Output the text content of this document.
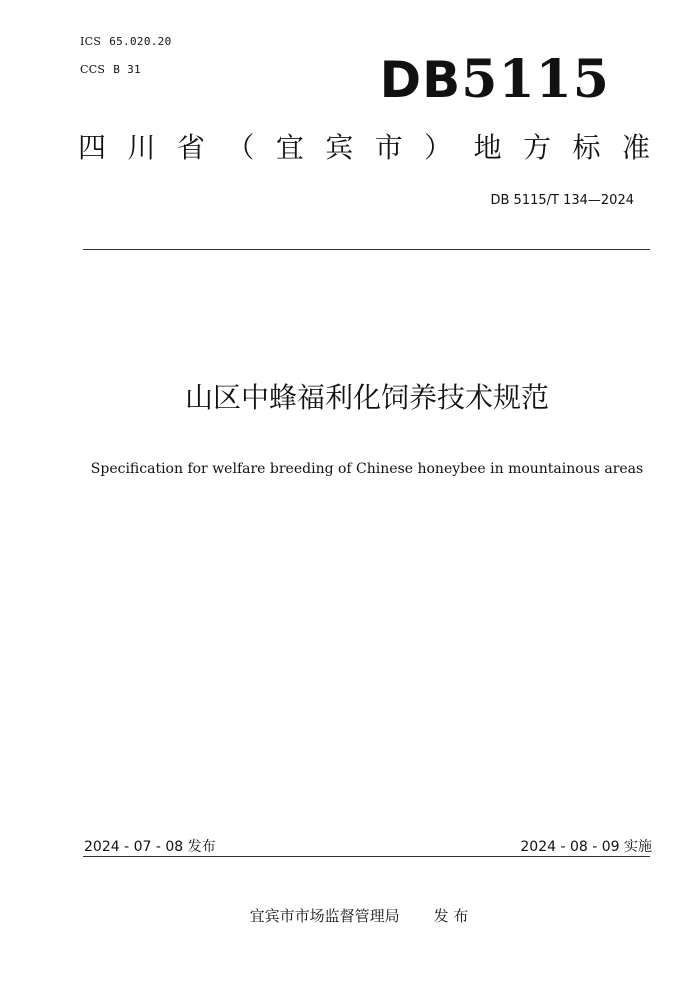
ICS 65.020.20
CCS B 31	DB5115
四 川 省 （ 宜 宾 市 ） 地 方 标 准
DB 5115/T 134—2024
山区中蜂福利化饲养技术规范
Specification for welfare breeding of Chinese honeybee in mountainous areas
2024 - 07 - 08 发布	2024 - 08 - 09 实施
宜宾市市场监督管理局 发 布
